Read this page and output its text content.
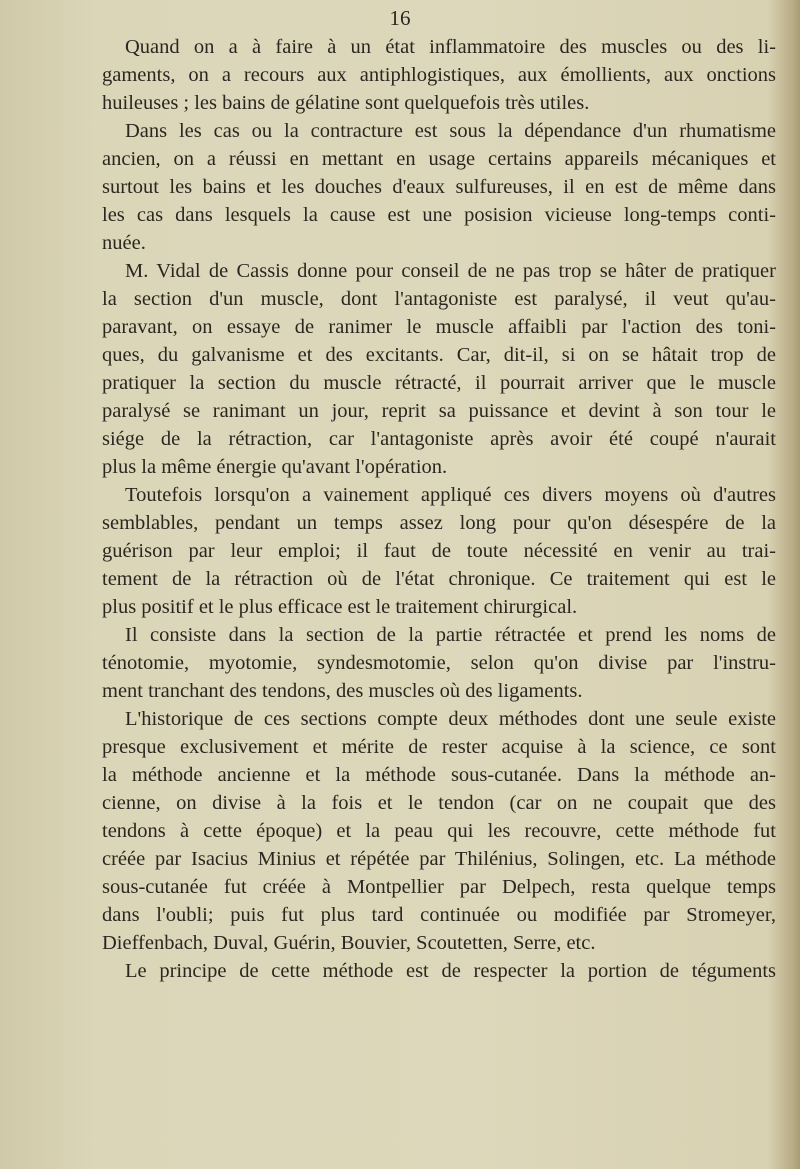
16
Quand on a à faire à un état inflammatoire des muscles ou des li-
gaments, on a recours aux antiphlogistiques, aux émollients, aux onctions
huileuses ; les bains de gélatine sont quelquefois très utiles.
Dans les cas ou la contracture est sous la dépendance d'un rhumatisme
ancien, on a réussi en mettant en usage certains appareils mécaniques et
surtout les bains et les douches d'eaux sulfureuses, il en est de même dans
les cas dans lesquels la cause est une posision vicieuse long-temps conti-
nuée.
M. Vidal de Cassis donne pour conseil de ne pas trop se hâter de pratiquer
la section d'un muscle, dont l'antagoniste est paralysé, il veut qu'au-
paravant, on essaye de ranimer le muscle affaibli par l'action des toni-
ques, du galvanisme et des excitants. Car, dit-il, si on se hâtait trop de
pratiquer la section du muscle rétracté, il pourrait arriver que le muscle
paralysé se ranimant un jour, reprit sa puissance et devint à son tour le
siége de la rétraction, car l'antagoniste après avoir été coupé n'aurait
plus la même énergie qu'avant l'opération.
Toutefois lorsqu'on a vainement appliqué ces divers moyens où d'autres
semblables, pendant un temps assez long pour qu'on désespére de la
guérison par leur emploi; il faut de toute nécessité en venir au trai-
tement de la rétraction où de l'état chronique. Ce traitement qui est le
plus positif et le plus efficace est le traitement chirurgical.
Il consiste dans la section de la partie rétractée et prend les noms de
ténotomie, myotomie, syndesmotomie, selon qu'on divise par l'instru-
ment tranchant des tendons, des muscles où des ligaments.
L'historique de ces sections compte deux méthodes dont une seule existe
presque exclusivement et mérite de rester acquise à la science, ce sont
la méthode ancienne et la méthode sous-cutanée. Dans la méthode an-
cienne, on divise à la fois et le tendon (car on ne coupait que des
tendons à cette époque) et la peau qui les recouvre, cette méthode fut
créée par Isacius Minius et répétée par Thilénius, Solingen, etc. La méthode
sous-cutanée fut créée à Montpellier par Delpech, resta quelque temps
dans l'oubli; puis fut plus tard continuée ou modifiée par Stromeyer,
Dieffenbach, Duval, Guérin, Bouvier, Scoutetten, Serre, etc.
Le principe de cette méthode est de respecter la portion de téguments
